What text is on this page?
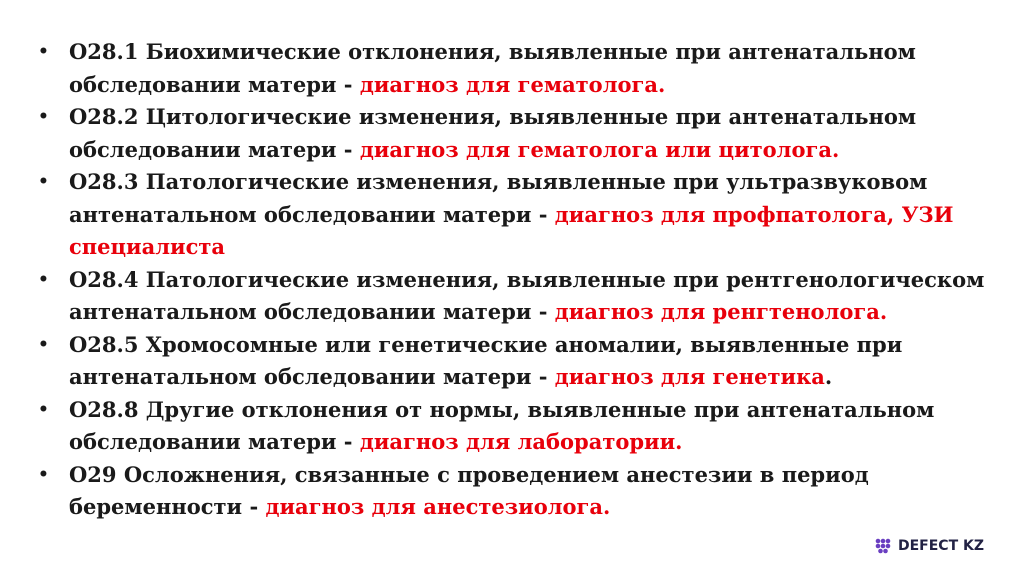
• O28.1 Биохимические отклонения, выявленные при антенатальном обследовании матери - диагноз для гематолога.
• O28.2 Цитологические изменения, выявленные при антенатальном обследовании матери - диагноз для гематолога или цитолога.
• O28.3 Патологические изменения, выявленные при ультразвуковом антенатальном обследовании матери - диагноз для профпатолога, УЗИ специалиста
• O28.4 Патологические изменения, выявленные при рентгенологическом антенатальном обследовании матери - диагноз для ренгтенолога.
• O28.5 Хромосомные или генетические аномалии, выявленные при антенатальном обследовании матери - диагноз для генетика.
• O28.8 Другие отклонения от нормы, выявленные при антенатальном обследовании матери - диагноз для лаборатории.
• O29 Осложнения, связанные с проведением анестезии в период беременности - диагноз для анестезиолога.
DEFECT KZ
